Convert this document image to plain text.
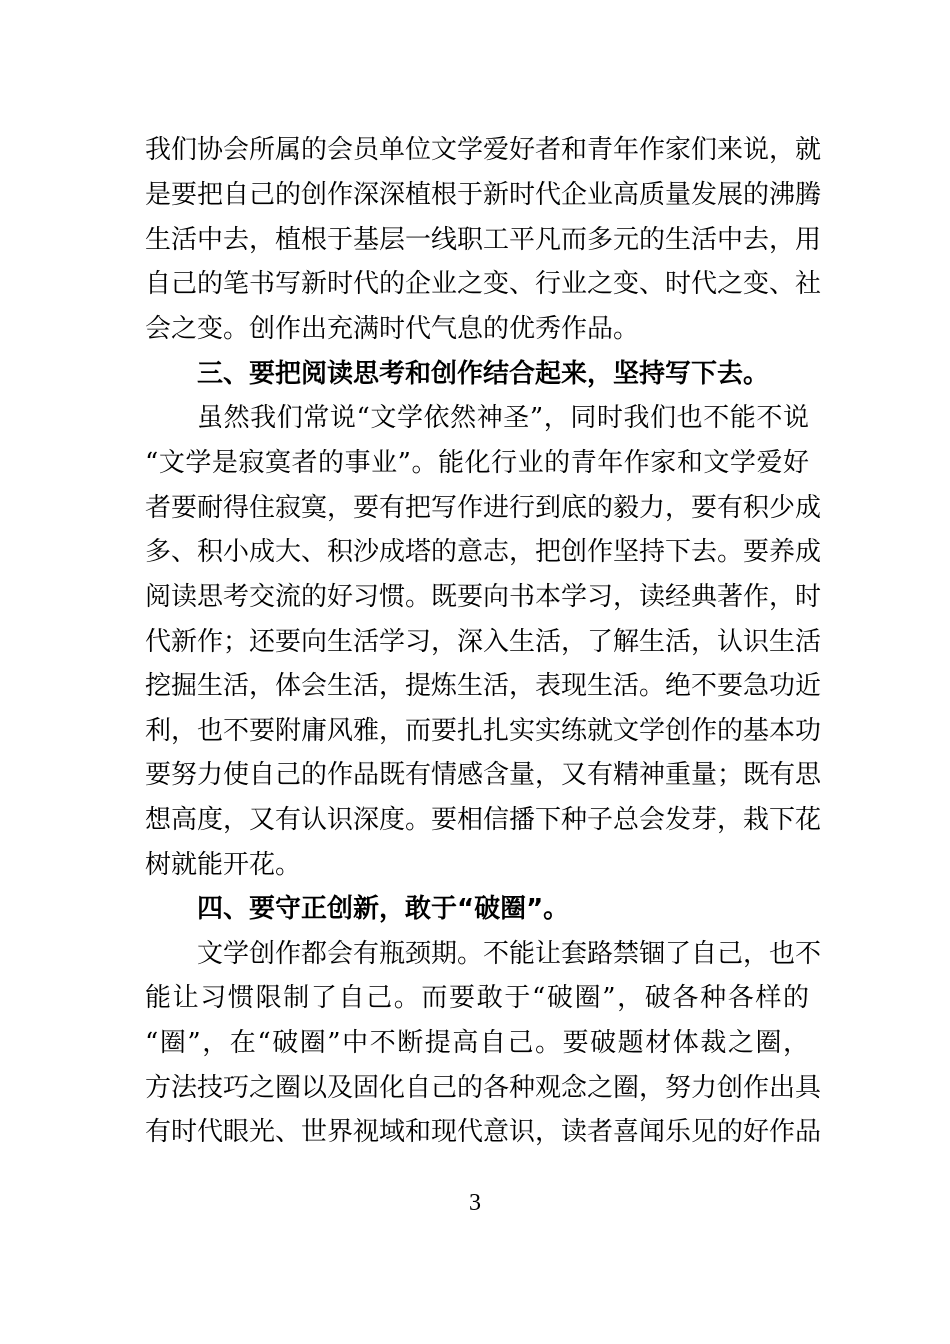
我们协会所属的会员单位文学爱好者和青年作家们来说，就
是要把自己的创作深深植根于新时代企业高质量发展的沸腾
生活中去，植根于基层一线职工平凡而多元的生活中去，用
自己的笔书写新时代的企业之变、行业之变、时代之变、社
会之变。创作出充满时代气息的优秀作品。
三、要把阅读思考和创作结合起来，坚持写下去。
虽然我们常说“文学依然神圣”，同时我们也不能不说
“文学是寂寞者的事业”。能化行业的青年作家和文学爱好
者要耐得住寂寞，要有把写作进行到底的毅力，要有积少成
多、积小成大、积沙成塔的意志，把创作坚持下去。要养成
阅读思考交流的好习惯。既要向书本学习，读经典著作，时
代新作；还要向生活学习，深入生活，了解生活，认识生活
挖掘生活，体会生活，提炼生活，表现生活。绝不要急功近
利，也不要附庸风雅，而要扎扎实实练就文学创作的基本功
要努力使自己的作品既有情感含量，又有精神重量；既有思
想高度，又有认识深度。要相信播下种子总会发芽，栽下花
树就能开花。
四、要守正创新，敢于“破圈”。
文学创作都会有瓶颈期。不能让套路禁锢了自己，也不
能让习惯限制了自己。而要敢于“破圈”，破各种各样的
“圈”，在“破圈”中不断提高自己。要破题材体裁之圈，
方法技巧之圈以及固化自己的各种观念之圈，努力创作出具
有时代眼光、世界视域和现代意识，读者喜闻乐见的好作品
3
